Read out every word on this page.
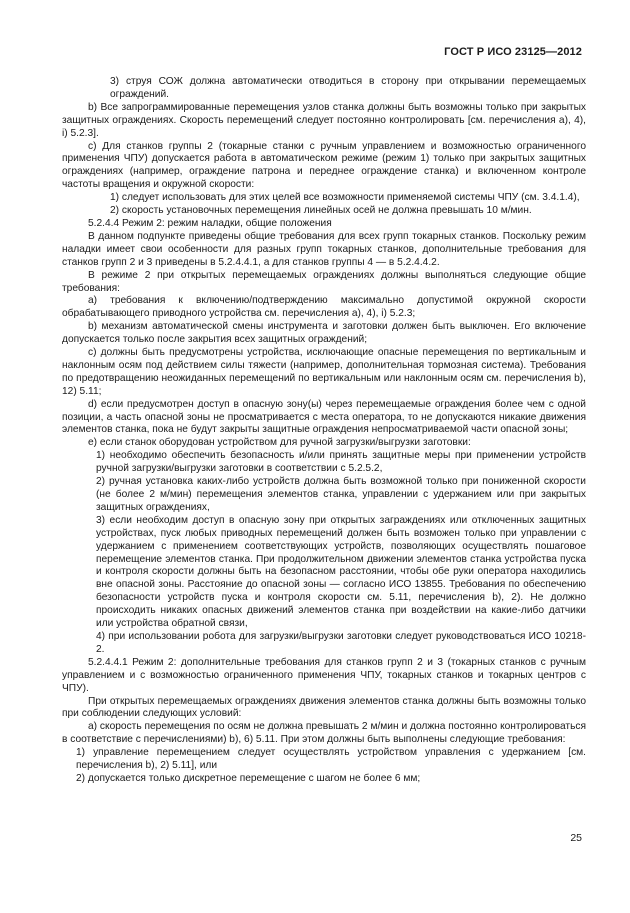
ГОСТ Р ИСО 23125—2012

3) струя СОЖ должна автоматически отводиться в сторону при открывании перемещаемых ограждений.

b) Все запрограммированные перемещения узлов станка должны быть возможны только при закрытых защитных ограждениях. Скорость перемещений следует постоянно контролировать [см. перечисления а), 4), i) 5.2.3].

c) Для станков группы 2 (токарные станки с ручным управлением и возможностью ограниченного применения ЧПУ) допускается работа в автоматическом режиме (режим 1) только при закрытых защитных ограждениях (например, ограждение патрона и переднее ограждение станка) и включенном контроле частоты вращения и окружной скорости:

1) следует использовать для этих целей все возможности применяемой системы ЧПУ (см. 3.4.1.4),

2) скорость установочных перемещения линейных осей не должна превышать 10 м/мин.

5.2.4.4 Режим 2: режим наладки, общие положения

В данном подпункте приведены общие требования для всех групп токарных станков. Поскольку режим наладки имеет свои особенности для разных групп токарных станков, дополнительные требования для станков групп 2 и 3 приведены в 5.2.4.4.1, а для станков группы 4 — в 5.2.4.4.2.

В режиме 2 при открытых перемещаемых ограждениях должны выполняться следующие общие требования:

a) требования к включению/подтверждению максимально допустимой окружной скорости обрабатывающего приводного устройства см. перечисления а), 4), i) 5.2.3;

b) механизм автоматической смены инструмента и заготовки должен быть выключен. Его включение допускается только после закрытия всех защитных ограждений;

c) должны быть предусмотрены устройства, исключающие опасные перемещения по вертикальным и наклонным осям под действием силы тяжести (например, дополнительная тормозная система). Требования по предотвращению неожиданных перемещений по вертикальным или наклонным осям см. перечисления b), 12) 5.11;

d) если предусмотрен доступ в опасную зону(ы) через перемещаемые ограждения более чем с одной позиции, а часть опасной зоны не просматривается с места оператора, то не допускаются никакие движения элементов станка, пока не будут закрыты защитные ограждения непросматриваемой части опасной зоны;

e) если станок оборудован устройством для ручной загрузки/выгрузки заготовки:

1) необходимо обеспечить безопасность и/или принять защитные меры при применении устройств ручной загрузки/выгрузки заготовки в соответствии с 5.2.5.2,

2) ручная установка каких-либо устройств должна быть возможной только при пониженной скорости (не более 2 м/мин) перемещения элементов станка, управлении с удержанием или при закрытых защитных ограждениях,

3) если необходим доступ в опасную зону при открытых заграждениях или отключенных защитных устройствах, пуск любых приводных перемещений должен быть возможен только при управлении с удержанием с применением соответствующих устройств, позволяющих осуществлять пошаговое перемещение элементов станка. При продолжительном движении элементов станка устройства пуска и контроля скорости должны быть на безопасном расстоянии, чтобы обе руки оператора находились вне опасной зоны. Расстояние до опасной зоны — согласно ИСО 13855. Требования по обеспечению безопасности устройств пуска и контроля скорости см. 5.11, перечисления b), 2). Не должно происходить никаких опасных движений элементов станка при воздействии на какие-либо датчики или устройства обратной связи,

4) при использовании робота для загрузки/выгрузки заготовки следует руководствоваться ИСО 10218-2.

5.2.4.4.1 Режим 2: дополнительные требования для станков групп 2 и 3 (токарных станков с ручным управлением и с возможностью ограниченного применения ЧПУ, токарных станков и токарных центров с ЧПУ).

При открытых перемещаемых ограждениях движения элементов станка должны быть возможны только при соблюдении следующих условий:

a) скорость перемещения по осям не должна превышать 2 м/мин и должна постоянно контролироваться в соответствие с перечислениями) b), 6) 5.11. При этом должны быть выполнены следующие требования:

1) управление перемещением следует осуществлять устройством управления с удержанием [см. перечисления b), 2) 5.11], или

2) допускается только дискретное перемещение с шагом не более 6 мм;

25
